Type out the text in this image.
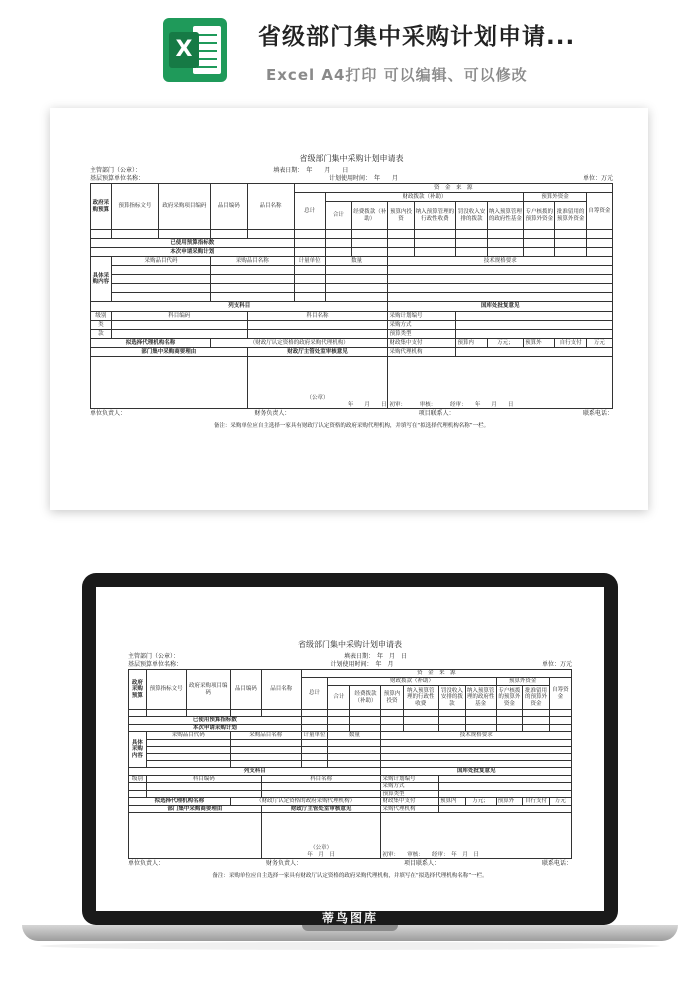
X	省级部门集中采购计划申请...
Excel A4打印 可以编辑、可以修改
省级部门集中采购计划申请表
主管部门（公章）：	填表日期：　 年　　 月　　 日
基层预算单位名称：	计划使用时间：　 年　　 月	单位：万元
政府采购预算	预算指标文号	政府采购项目编码	品目编码	品目名称	资　金　来　源									
					总计	财政拨款（补助）						预算外资金		自筹资金
						合计	经费拨款（补助）	预算内投资	纳入预算管理的行政性收费	罚没收入安排的拨款	纳入预算管理的政府性基金	专户核拨的预算外资金	批准留用的预算外资金	

已使用预算指标数														
本次申请采购计划														
具体采购内容	采购品目代码		采购品目名称		计量单位	数量		技术规格要求						

列支科目								国库处批复意见						
级别	科目编码			科目名称				采购计划编号						
类								采购方式						
款								预算类型						
拟选择代理机构名称			（财政厅认定资格的政府采购代理机构）					财政集中支付		预算内	万元；	预算外	自行支付	万元
部门集中采购商要理由				财政厅主管处室审核意见				采购代理机构						

				（公章）
年　　 月　　 日				初审：　　　 审核：　　　 经审：　　 年　　 月　　 日						
单位负责人：	财务负责人：	项目联系人：	联系电话：
备注：采购单位应自主选择一家具有财政厅认定资格的政府采购代理机构，并填写在“拟选择代理机构名称”一栏。
省级部门集中采购计划申请表
主管部门（公章）：	填表日期：　 年　 月　 日
基层预算单位名称：	计划使用时间：　 年　 月	单位：万元
政府采购预算	预算指标文号	政府采购项目编码	品目编码	品目名称	资　金　来　源									
					总计	财政拨款（补助）						预算外资金		自筹资金
						合计	经费拨款（补助）	预算内投资	纳入预算管理的行政性收费	罚没收入安排的拨款	纳入预算管理的政府性基金	专户核拨的预算外资金	批准留用的预算外资金	

已使用预算指标数														
本次申请采购计划														
具体采购内容	采购品目代码		采购品目名称		计量单位	数量		技术规格要求						

列支科目								国库处批复意见						
级别	科目编码			科目名称				采购计划编号						
								采购方式						
								预算类型						
拟选择代理机构名称			（财政厅认定资格的政府采购代理机构）					财政集中支付		预算内	万元；	预算外	自行支付	万元
部门集中采购商要理由				财政厅主管处室审核意见				采购代理机构						

				（公章）
年　 月　 日				初审：　　 审核：　　 经审：　 年　 月　 日						
单位负责人：	财务负责人：	项目联系人：	联系电话：
备注：采购单位应自主选择一家具有财政厅认定资格的政府采购代理机构，并填写在“拟选择代理机构名称”一栏。
蒂鸟图库
